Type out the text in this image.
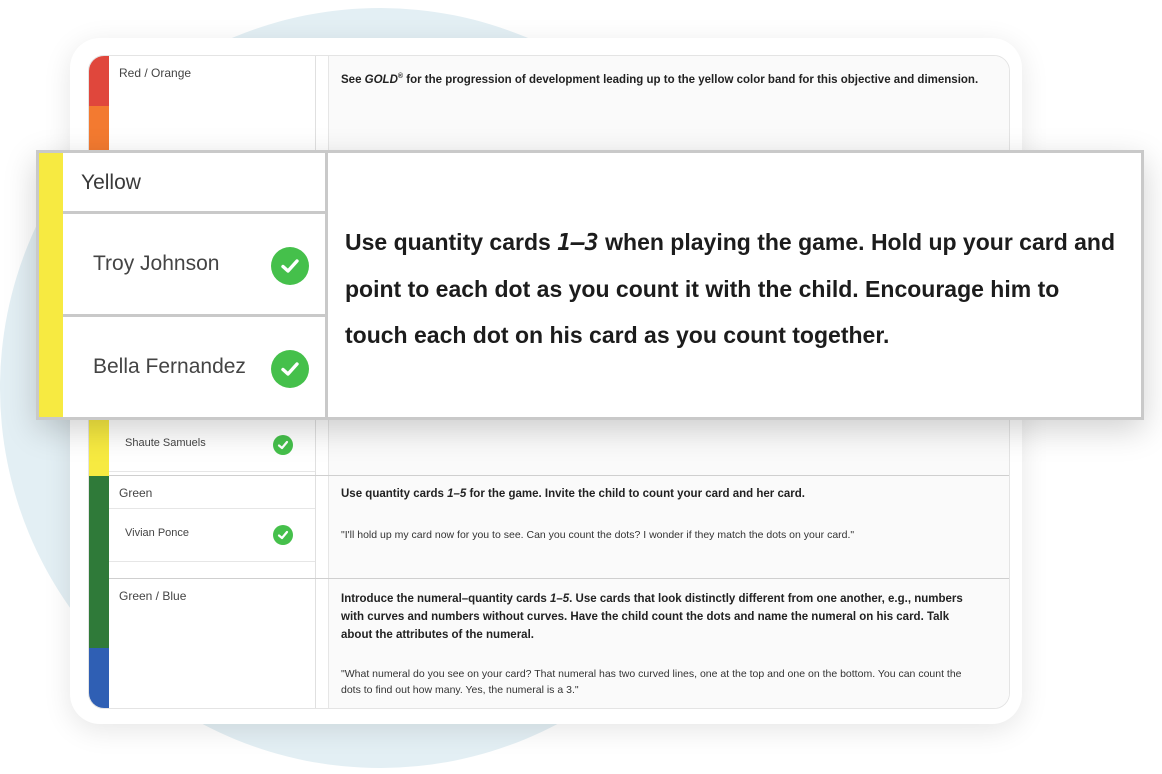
Red / Orange	See GOLD® for the progression of development leading up to the yellow color band for this objective and dimension.
Shaute Samuels
Green
Vivian Ponce
Use quantity cards 1–5 for the game. Invite the child to count your card and her card.
"I'll hold up my card now for you to see. Can you count the dots? I wonder if they match the dots on your card."
Green / Blue	Introduce the numeral–quantity cards 1–5. Use cards that look distinctly different from one another, e.g., numbers with curves and numbers without curves. Have the child count the dots and name the numeral on his card. Talk about the attributes of the numeral.
"What numeral do you see on your card? That numeral has two curved lines, one at the top and one on the bottom. You can count the dots to find out how many. Yes, the numeral is a 3."
Yellow
Troy Johnson
Bella Fernandez
Use quantity cards 1–3 when playing the game. Hold up your card and point to each dot as you count it with the child. Encourage him to touch each dot on his card as you count together.
